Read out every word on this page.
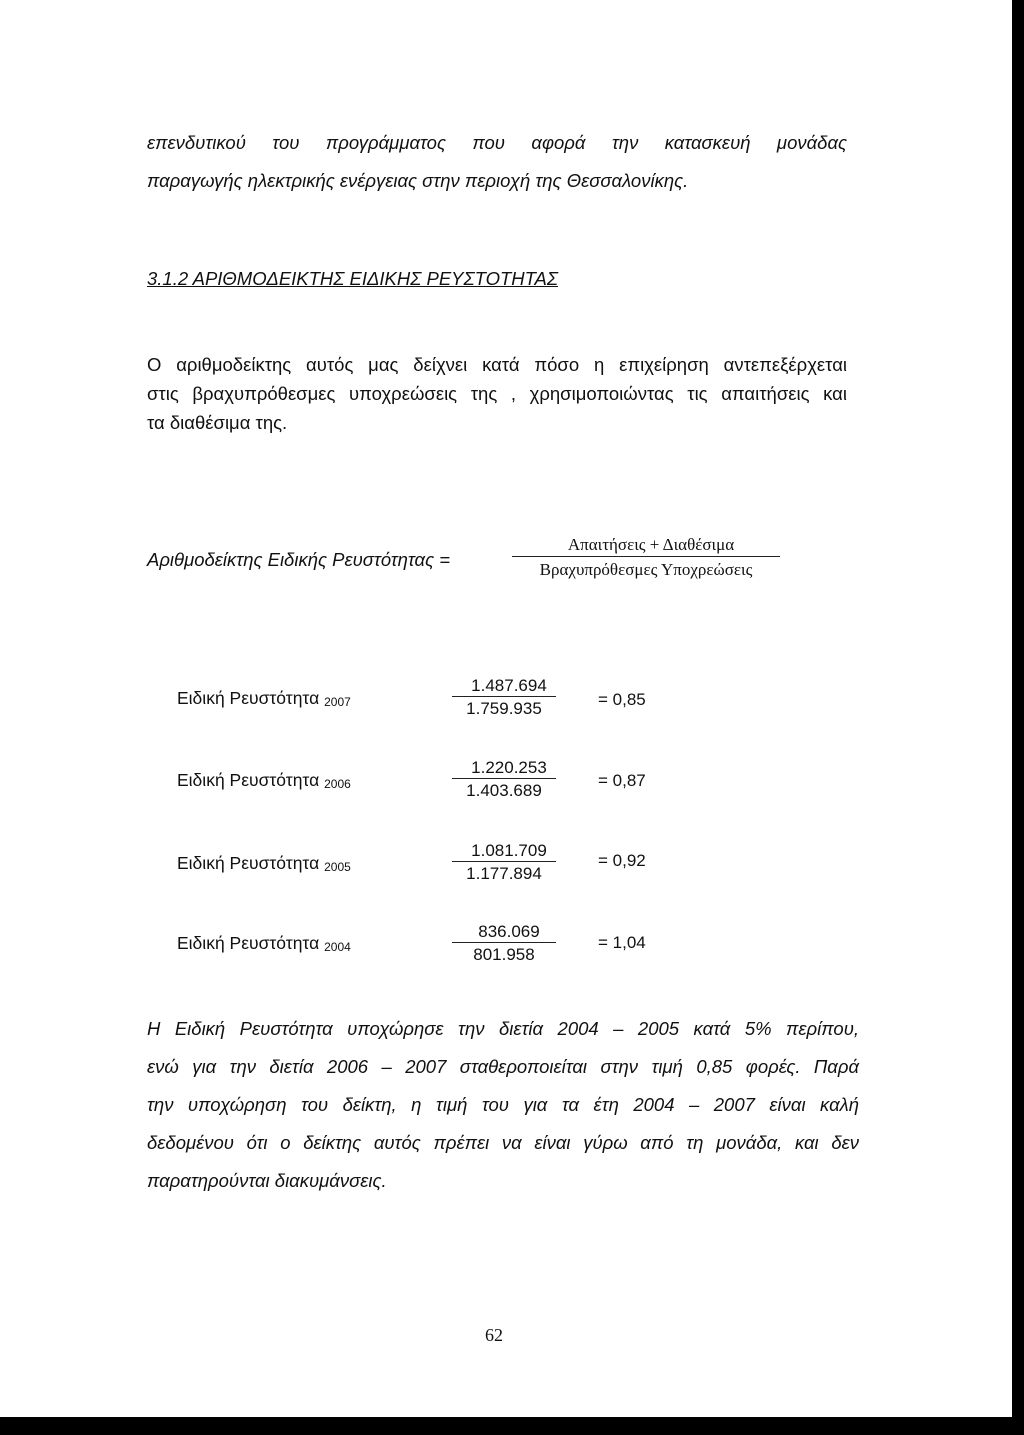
επενδυτικού του προγράμματος που αφορά την κατασκευή μονάδας
παραγωγής ηλεκτρικής ενέργειας στην περιοχή της Θεσσαλονίκης.
3.1.2 ΑΡΙΘΜΟΔΕΙΚΤΗΣ ΕΙΔΙΚΗΣ ΡΕΥΣΤΟΤΗΤΑΣ
Ο αριθμοδείκτης αυτός μας δείχνει κατά πόσο η επιχείρηση αντεπεξέρχεται
στις βραχυπρόθεσμες υποχρεώσεις της , χρησιμοποιώντας τις απαιτήσεις και
τα διαθέσιμα της.
Αριθμοδείκτης Ειδικής Ρευστότητας =
Απαιτήσεις + Διαθέσιμα
Βραχυπρόθεσμες Υποχρεώσεις
Ειδική Ρευστότητα $_{2007}$
1.487.694
1.759.935	= 0,85
Ειδική Ρευστότητα $_{2006}$
1.220.253
1.403.689
= 0,87
Ειδική Ρευστότητα $_{2005}$
1.081.709
1.177.894
= 0,92
Ειδική Ρευστότητα $_{2004}$
836.069
801.958
= 1,04
Η Ειδική Ρευστότητα υποχώρησε την διετία 2004 – 2005 κατά 5% περίπου,
ενώ για την διετία 2006 – 2007 σταθεροποιείται στην τιμή 0,85 φορές. Παρά
την υποχώρηση του δείκτη, η τιμή του για τα έτη 2004 – 2007 είναι καλή
δεδομένου ότι ο δείκτης αυτός πρέπει να είναι γύρω από τη μονάδα, και δεν
παρατηρούνται διακυμάνσεις.
62
